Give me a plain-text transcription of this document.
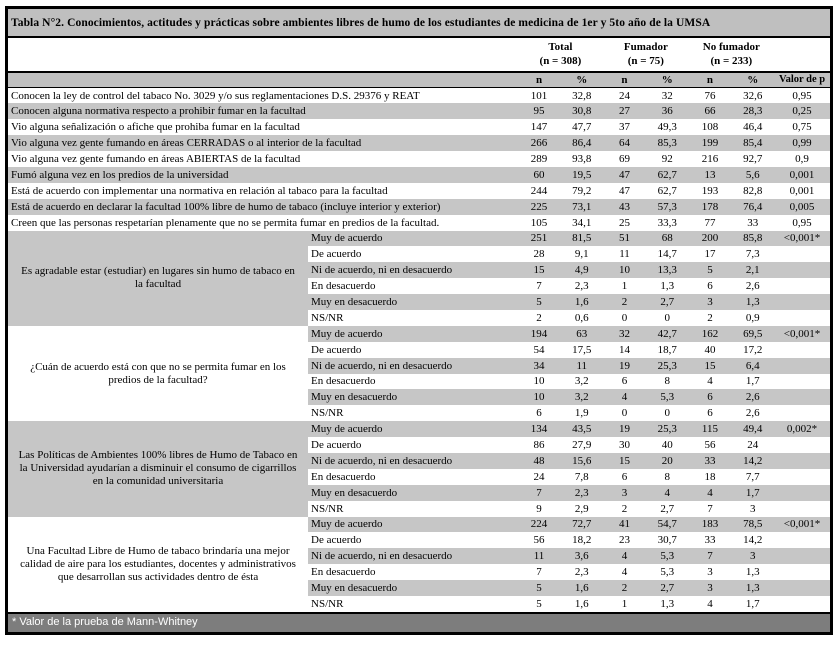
Tabla N°2. Conocimientos, actitudes y prácticas sobre ambientes libres de humo de los estudiantes de medicina de 1er y 5to año de la UMSA

Total
(n = 308)

Fumador
(n = 75)

No fumador
(n = 233)

		n	%	n	%	n	%	Valor de p
Conocen la ley de control del tabaco No. 3029 y/o sus reglamentaciones D.S. 29376 y REAT		101	32,8	24	32	76	32,6	0,95
Conocen alguna normativa respecto a prohibir fumar en la facultad		95	30,8	27	36	66	28,3	0,25
Vio alguna señalización o afiche que prohiba fumar en la facultad		147	47,7	37	49,3	108	46,4	0,75
Vio alguna vez gente fumando en áreas CERRADAS o al interior de la facultad		266	86,4	64	85,3	199	85,4	0,99
Vio alguna vez gente fumando en áreas ABIERTAS de la facultad		289	93,8	69	92	216	92,7	0,9
Fumó alguna vez en los predios de la universidad		60	19,5	47	62,7	13	5,6	0,001
Está de acuerdo con implementar una normativa en relación al tabaco para la facultad		244	79,2	47	62,7	193	82,8	0,001
Está de acuerdo en declarar la facultad 100% libre de humo de tabaco (incluye interior y exterior)		225	73,1	43	57,3	178	76,4	0,005
Creen que las personas respetarían plenamente que no se permita fumar en predios de la facultad.		105	34,1	25	33,3	77	33	0,95
Es agradable estar (estudiar) en lugares sin humo de tabaco en la facultad	Muy de acuerdo	251	81,5	51	68	200	85,8	<0,001*
	De acuerdo	28	9,1	11	14,7	17	7,3	
	Ni de acuerdo, ni en desacuerdo	15	4,9	10	13,3	5	2,1	
	En desacuerdo	7	2,3	1	1,3	6	2,6	
	Muy en desacuerdo	5	1,6	2	2,7	3	1,3	
	NS/NR	2	0,6	0	0	2	0,9	
¿Cuán de acuerdo está con que no se permita fumar en los predios de la facultad?	Muy de acuerdo	194	63	32	42,7	162	69,5	<0,001*
	De acuerdo	54	17,5	14	18,7	40	17,2	
	Ni de acuerdo, ni en desacuerdo	34	11	19	25,3	15	6,4	
	En desacuerdo	10	3,2	6	8	4	1,7	
	Muy en desacuerdo	10	3,2	4	5,3	6	2,6	
	NS/NR	6	1,9	0	0	6	2,6	
Las Políticas de Ambientes 100% libres de Humo de Tabaco en la Universidad ayudarían a disminuir el consumo de cigarrillos en la comunidad universitaria	Muy de acuerdo	134	43,5	19	25,3	115	49,4	0,002*
	De acuerdo	86	27,9	30	40	56	24	
	Ni de acuerdo, ni en desacuerdo	48	15,6	15	20	33	14,2	
	En desacuerdo	24	7,8	6	8	18	7,7	
	Muy en desacuerdo	7	2,3	3	4	4	1,7	
	NS/NR	9	2,9	2	2,7	7	3	
Una Facultad Libre de Humo de tabaco brindaría una mejor calidad de aire para los estudiantes, docentes y administrativos que desarrollan sus actividades dentro de ésta	Muy de acuerdo	224	72,7	41	54,7	183	78,5	<0,001*
	De acuerdo	56	18,2	23	30,7	33	14,2	
	Ni de acuerdo, ni en desacuerdo	11	3,6	4	5,3	7	3	
	En desacuerdo	7	2,3	4	5,3	3	1,3	
	Muy en desacuerdo	5	1,6	2	2,7	3	1,3	
	NS/NR	5	1,6	1	1,3	4	1,7	
* Valor de la prueba de Mann-Whitney
